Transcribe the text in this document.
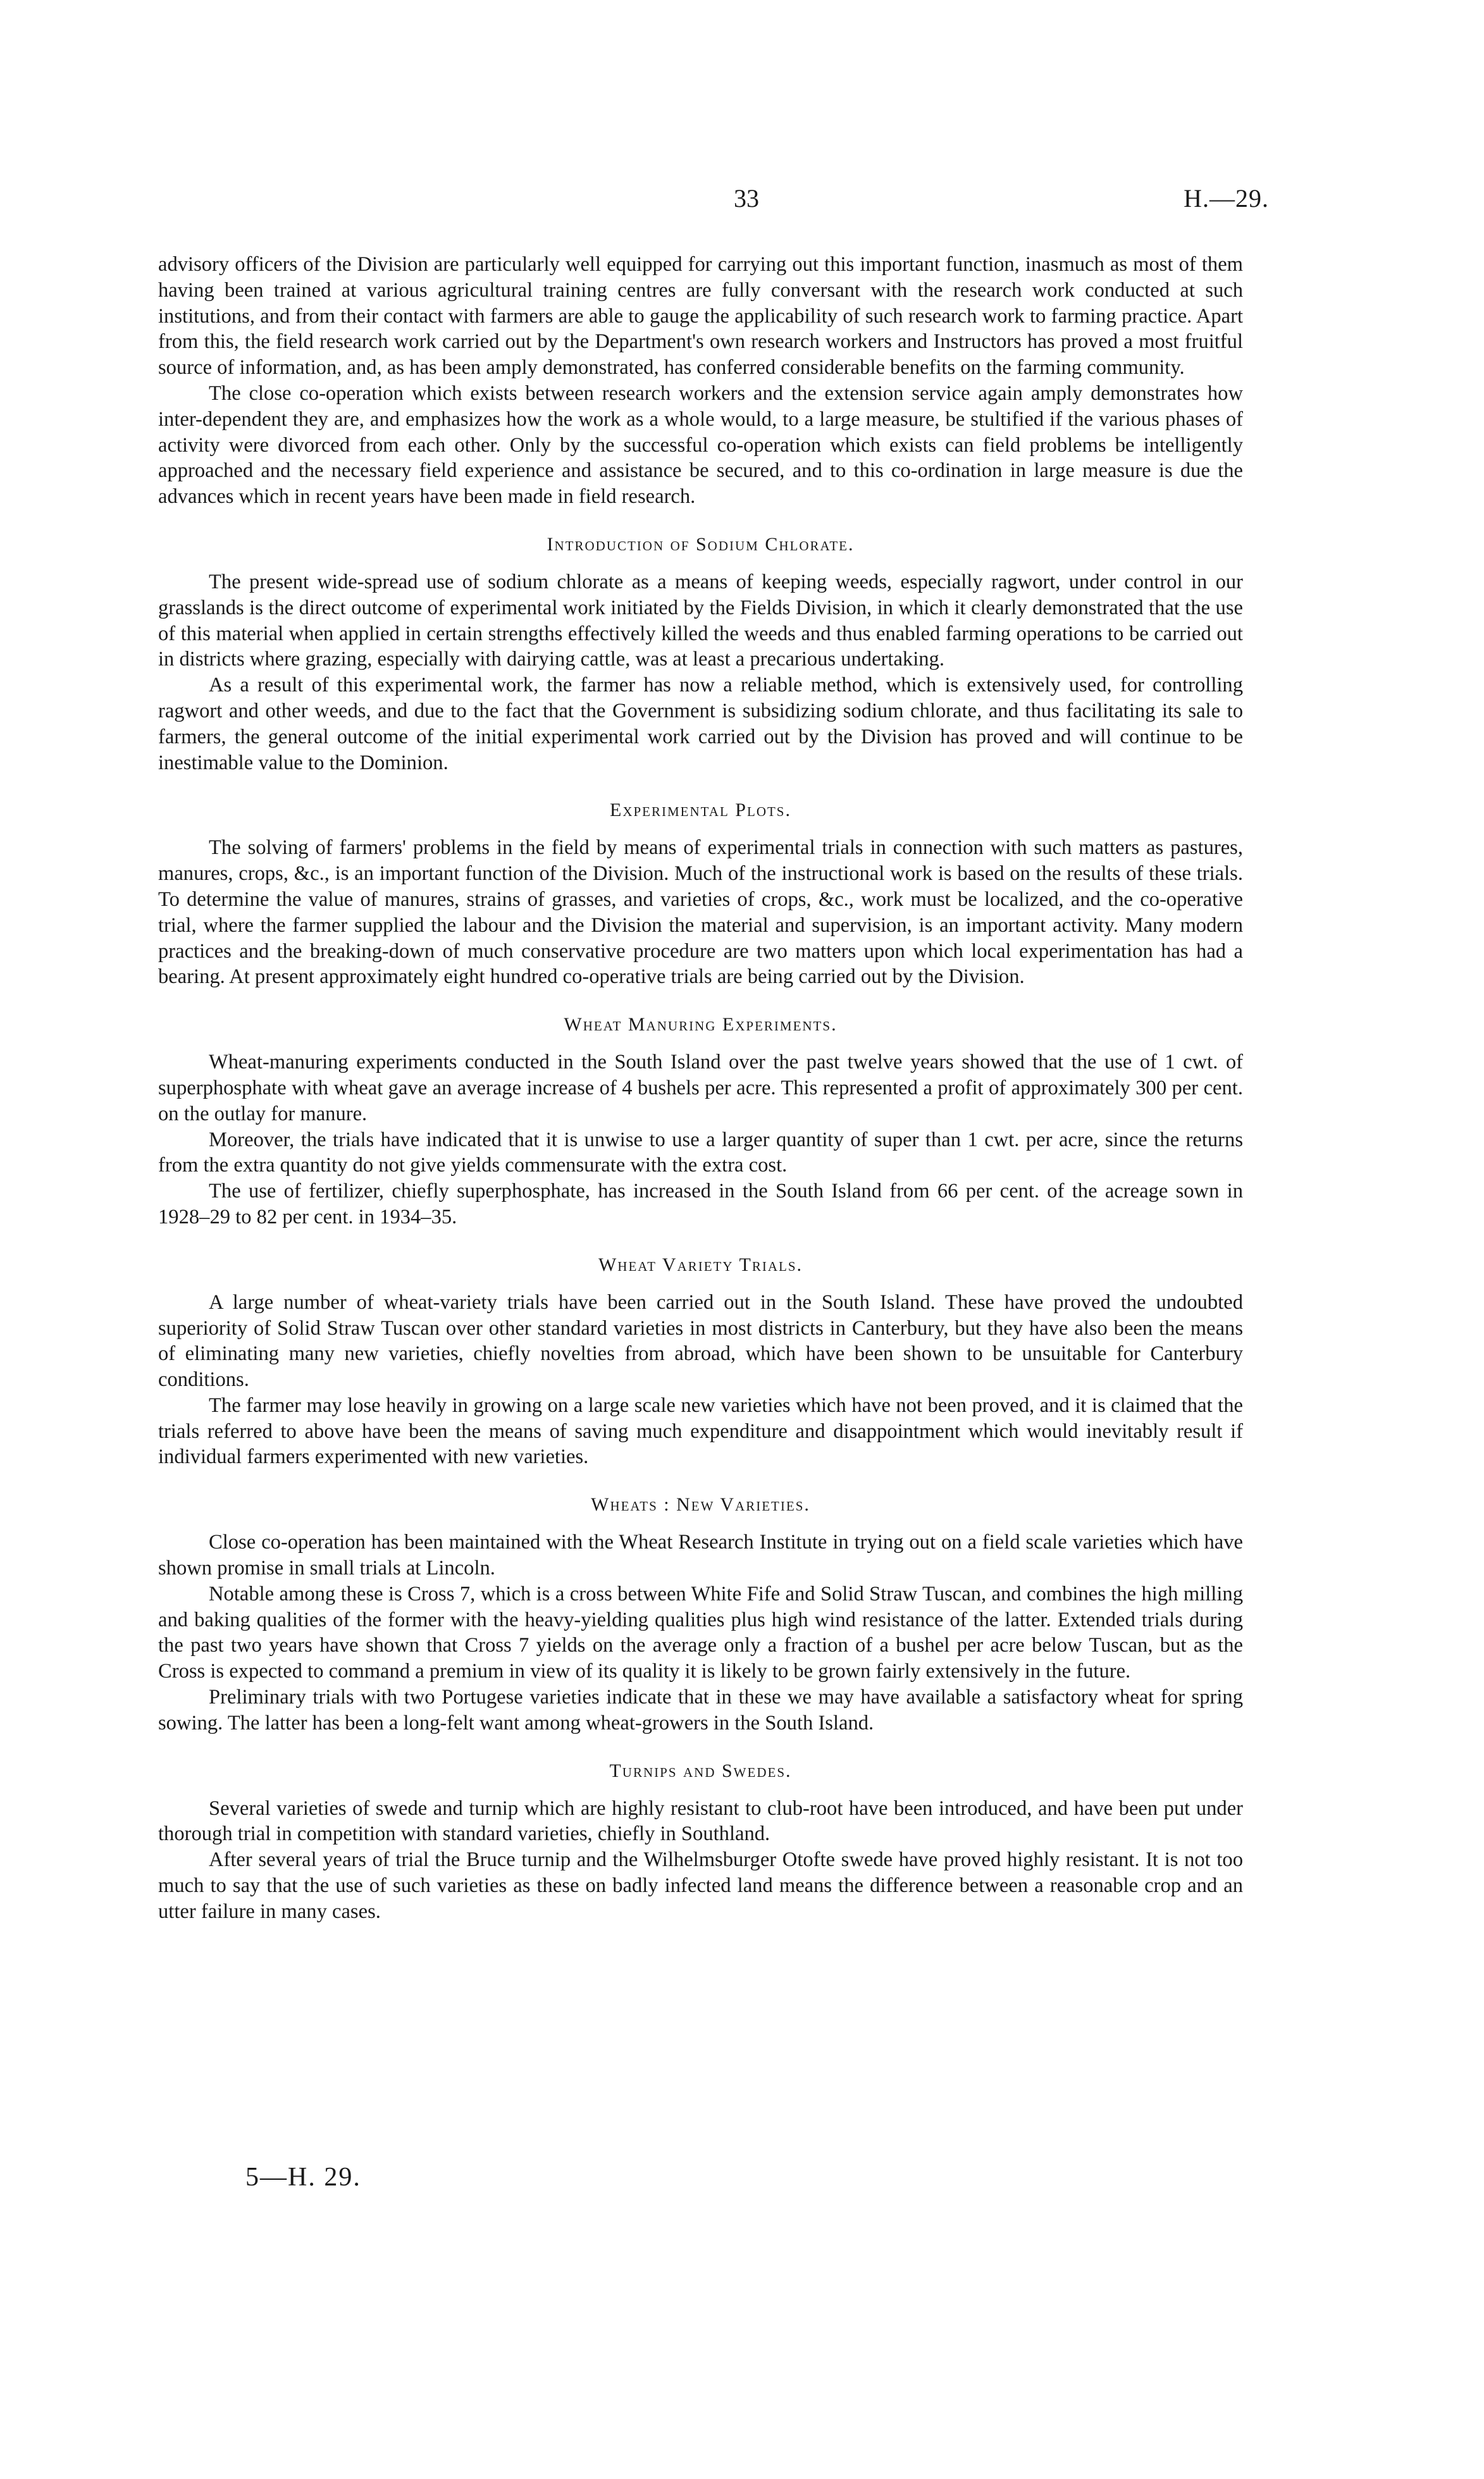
33	H.—29.

advisory officers of the Division are particularly well equipped for carrying out this important function, inasmuch as most of them having been trained at various agricultural training centres are fully conversant with the research work conducted at such institutions, and from their contact with farmers are able to gauge the applicability of such research work to farming practice. Apart from this, the field research work carried out by the Department's own research workers and Instructors has proved a most fruitful source of information, and, as has been amply demonstrated, has conferred considerable benefits on the farming community.

The close co-operation which exists between research workers and the extension service again amply demonstrates how inter-dependent they are, and emphasizes how the work as a whole would, to a large measure, be stultified if the various phases of activity were divorced from each other. Only by the successful co-operation which exists can field problems be intelligently approached and the necessary field experience and assistance be secured, and to this co-ordination in large measure is due the advances which in recent years have been made in field research.

Introduction of Sodium Chlorate.

The present wide-spread use of sodium chlorate as a means of keeping weeds, especially ragwort, under control in our grasslands is the direct outcome of experimental work initiated by the Fields Division, in which it clearly demonstrated that the use of this material when applied in certain strengths effectively killed the weeds and thus enabled farming operations to be carried out in districts where grazing, especially with dairying cattle, was at least a precarious undertaking.

As a result of this experimental work, the farmer has now a reliable method, which is extensively used, for controlling ragwort and other weeds, and due to the fact that the Government is subsidizing sodium chlorate, and thus facilitating its sale to farmers, the general outcome of the initial experimental work carried out by the Division has proved and will continue to be inestimable value to the Dominion.

Experimental Plots.

The solving of farmers' problems in the field by means of experimental trials in connection with such matters as pastures, manures, crops, &c., is an important function of the Division. Much of the instructional work is based on the results of these trials. To determine the value of manures, strains of grasses, and varieties of crops, &c., work must be localized, and the co-operative trial, where the farmer supplied the labour and the Division the material and supervision, is an important activity. Many modern practices and the breaking-down of much conservative procedure are two matters upon which local experimentation has had a bearing. At present approximately eight hundred co-operative trials are being carried out by the Division.

Wheat Manuring Experiments.

Wheat-manuring experiments conducted in the South Island over the past twelve years showed that the use of 1 cwt. of superphosphate with wheat gave an average increase of 4 bushels per acre. This represented a profit of approximately 300 per cent. on the outlay for manure.

Moreover, the trials have indicated that it is unwise to use a larger quantity of super than 1 cwt. per acre, since the returns from the extra quantity do not give yields commensurate with the extra cost.

The use of fertilizer, chiefly superphosphate, has increased in the South Island from 66 per cent. of the acreage sown in 1928–29 to 82 per cent. in 1934–35.

Wheat Variety Trials.

A large number of wheat-variety trials have been carried out in the South Island. These have proved the undoubted superiority of Solid Straw Tuscan over other standard varieties in most districts in Canterbury, but they have also been the means of eliminating many new varieties, chiefly novelties from abroad, which have been shown to be unsuitable for Canterbury conditions.

The farmer may lose heavily in growing on a large scale new varieties which have not been proved, and it is claimed that the trials referred to above have been the means of saving much expenditure and disappointment which would inevitably result if individual farmers experimented with new varieties.

Wheats : New Varieties.

Close co-operation has been maintained with the Wheat Research Institute in trying out on a field scale varieties which have shown promise in small trials at Lincoln.

Notable among these is Cross 7, which is a cross between White Fife and Solid Straw Tuscan, and combines the high milling and baking qualities of the former with the heavy-yielding qualities plus high wind resistance of the latter. Extended trials during the past two years have shown that Cross 7 yields on the average only a fraction of a bushel per acre below Tuscan, but as the Cross is expected to command a premium in view of its quality it is likely to be grown fairly extensively in the future.

Preliminary trials with two Portugese varieties indicate that in these we may have available a satisfactory wheat for spring sowing. The latter has been a long-felt want among wheat-growers in the South Island.

Turnips and Swedes.

Several varieties of swede and turnip which are highly resistant to club-root have been introduced, and have been put under thorough trial in competition with standard varieties, chiefly in Southland.

After several years of trial the Bruce turnip and the Wilhelmsburger Otofte swede have proved highly resistant. It is not too much to say that the use of such varieties as these on badly infected land means the difference between a reasonable crop and an utter failure in many cases.

5—H. 29.
